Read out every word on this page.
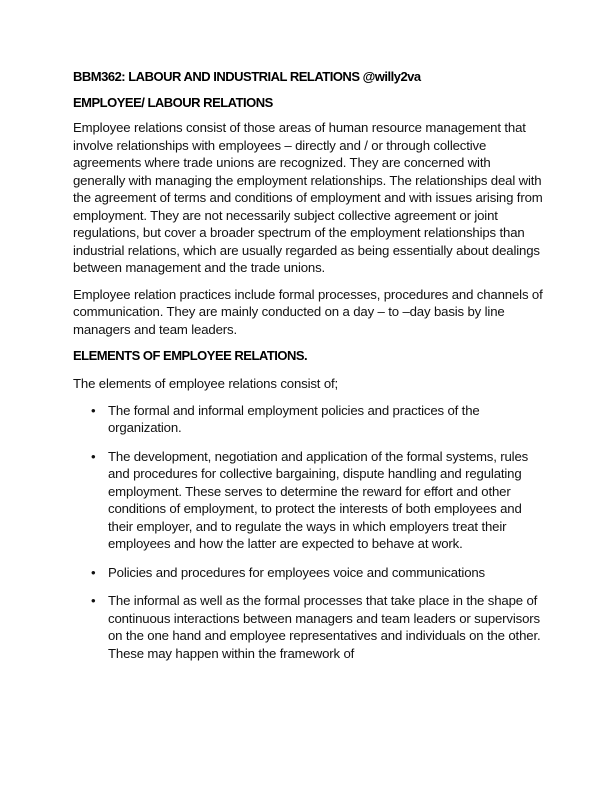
BBM362: LABOUR AND INDUSTRIAL RELATIONS @willy2va
EMPLOYEE/ LABOUR RELATIONS

Employee relations consist of those areas of human resource management that involve relationships with employees – directly and / or through collective agreements where trade unions are recognized. They are concerned with generally with managing the employment relationships. The relationships deal with the agreement of terms and conditions of employment and with issues arising from employment. They are not necessarily subject collective agreement or joint regulations, but cover a broader spectrum of the employment relationships than industrial relations, which are usually regarded as being essentially about dealings between management and the trade unions.

Employee relation practices include formal processes, procedures and channels of communication. They are mainly conducted on a day – to –day basis by line managers and team leaders.

ELEMENTS OF EMPLOYEE RELATIONS.

The elements of employee relations consist of;

• The formal and informal employment policies and practices of the organization.
• The development, negotiation and application of the formal systems, rules and procedures for collective bargaining, dispute handling and regulating employment. These serves to determine the reward for effort and other conditions of employment, to protect the interests of both employees and their employer, and to regulate the ways in which employers treat their employees and how the latter are expected to behave at work.
• Policies and procedures for employees voice and communications
• The informal as well as the formal processes that take place in the shape of continuous interactions between managers and team leaders or supervisors on the one hand and employee representatives and individuals on the other. These may happen within the framework of
